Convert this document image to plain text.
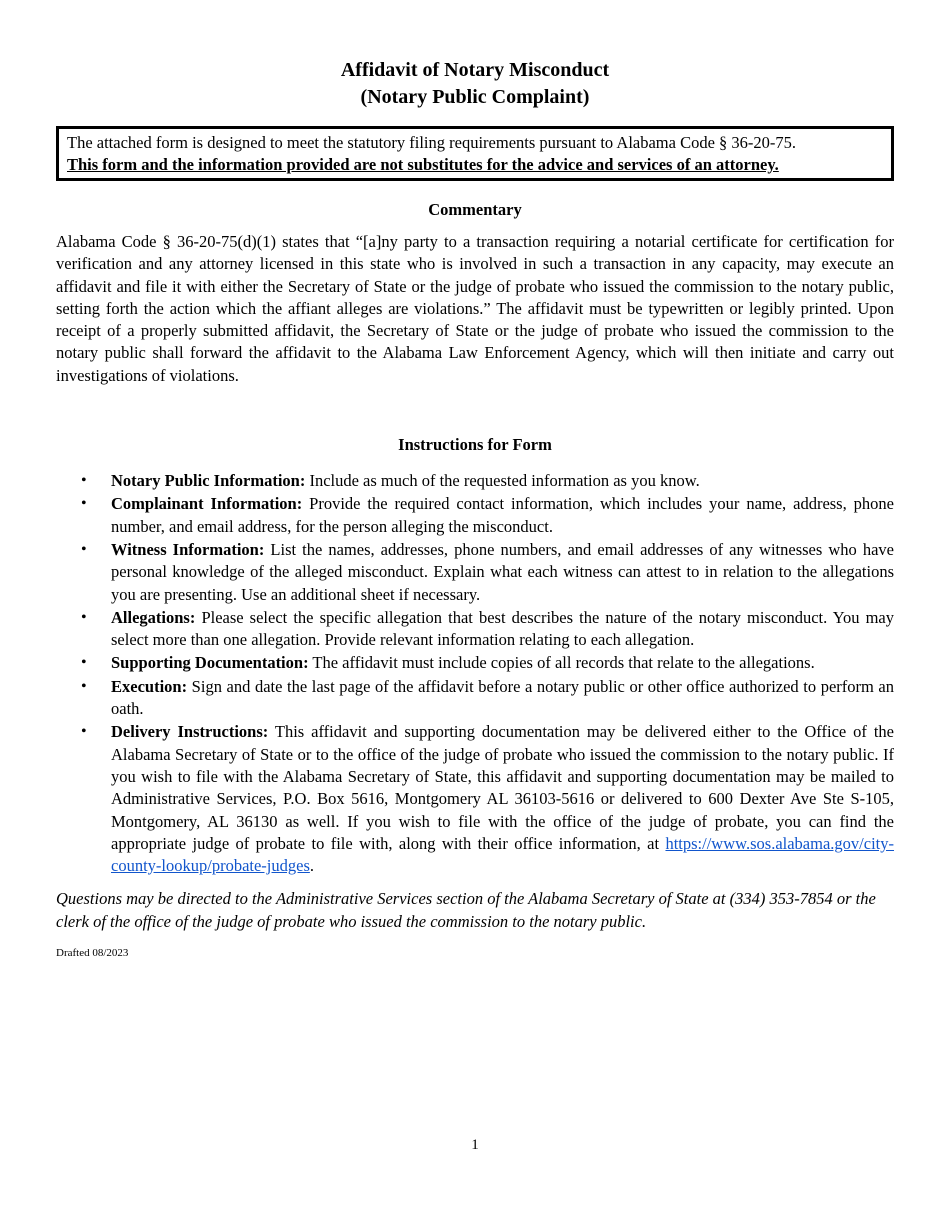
Affidavit of Notary Misconduct
(Notary Public Complaint)
The attached form is designed to meet the statutory filing requirements pursuant to Alabama Code § 36-20-75.
This form and the information provided are not substitutes for the advice and services of an attorney.
Commentary

Alabama Code § 36-20-75(d)(1) states that “[a]ny party to a transaction requiring a notarial certificate for certification for verification and any attorney licensed in this state who is involved in such a transaction in any capacity, may execute an affidavit and file it with either the Secretary of State or the judge of probate who issued the commission to the notary public, setting forth the action which the affiant alleges are violations.” The affidavit must be typewritten or legibly printed. Upon receipt of a properly submitted affidavit, the Secretary of State or the judge of probate who issued the commission to the notary public shall forward the affidavit to the Alabama Law Enforcement Agency, which will then initiate and carry out investigations of violations.

Instructions for Form
• Notary Public Information: Include as much of the requested information as you know.
• Complainant Information: Provide the required contact information, which includes your name, address, phone number, and email address, for the person alleging the misconduct.
• Witness Information: List the names, addresses, phone numbers, and email addresses of any witnesses who have personal knowledge of the alleged misconduct. Explain what each witness can attest to in relation to the allegations you are presenting. Use an additional sheet if necessary.
• Allegations: Please select the specific allegation that best describes the nature of the notary misconduct. You may select more than one allegation. Provide relevant information relating to each allegation.
• Supporting Documentation: The affidavit must include copies of all records that relate to the allegations.
• Execution: Sign and date the last page of the affidavit before a notary public or other office authorized to perform an oath.
• Delivery Instructions: This affidavit and supporting documentation may be delivered either to the Office of the Alabama Secretary of State or to the office of the judge of probate who issued the commission to the notary public. If you wish to file with the Alabama Secretary of State, this affidavit and supporting documentation may be mailed to Administrative Services, P.O. Box 5616, Montgomery AL 36103-5616 or delivered to 600 Dexter Ave Ste S-105, Montgomery, AL 36130 as well. If you wish to file with the office of the judge of probate, you can find the appropriate judge of probate to file with, along with their office information, at https://www.sos.alabama.gov/city-county-lookup/probate-judges.

Questions may be directed to the Administrative Services section of the Alabama Secretary of State at (334) 353-7854 or the clerk of the office of the judge of probate who issued the commission to the notary public.

Drafted 08/2023
1
